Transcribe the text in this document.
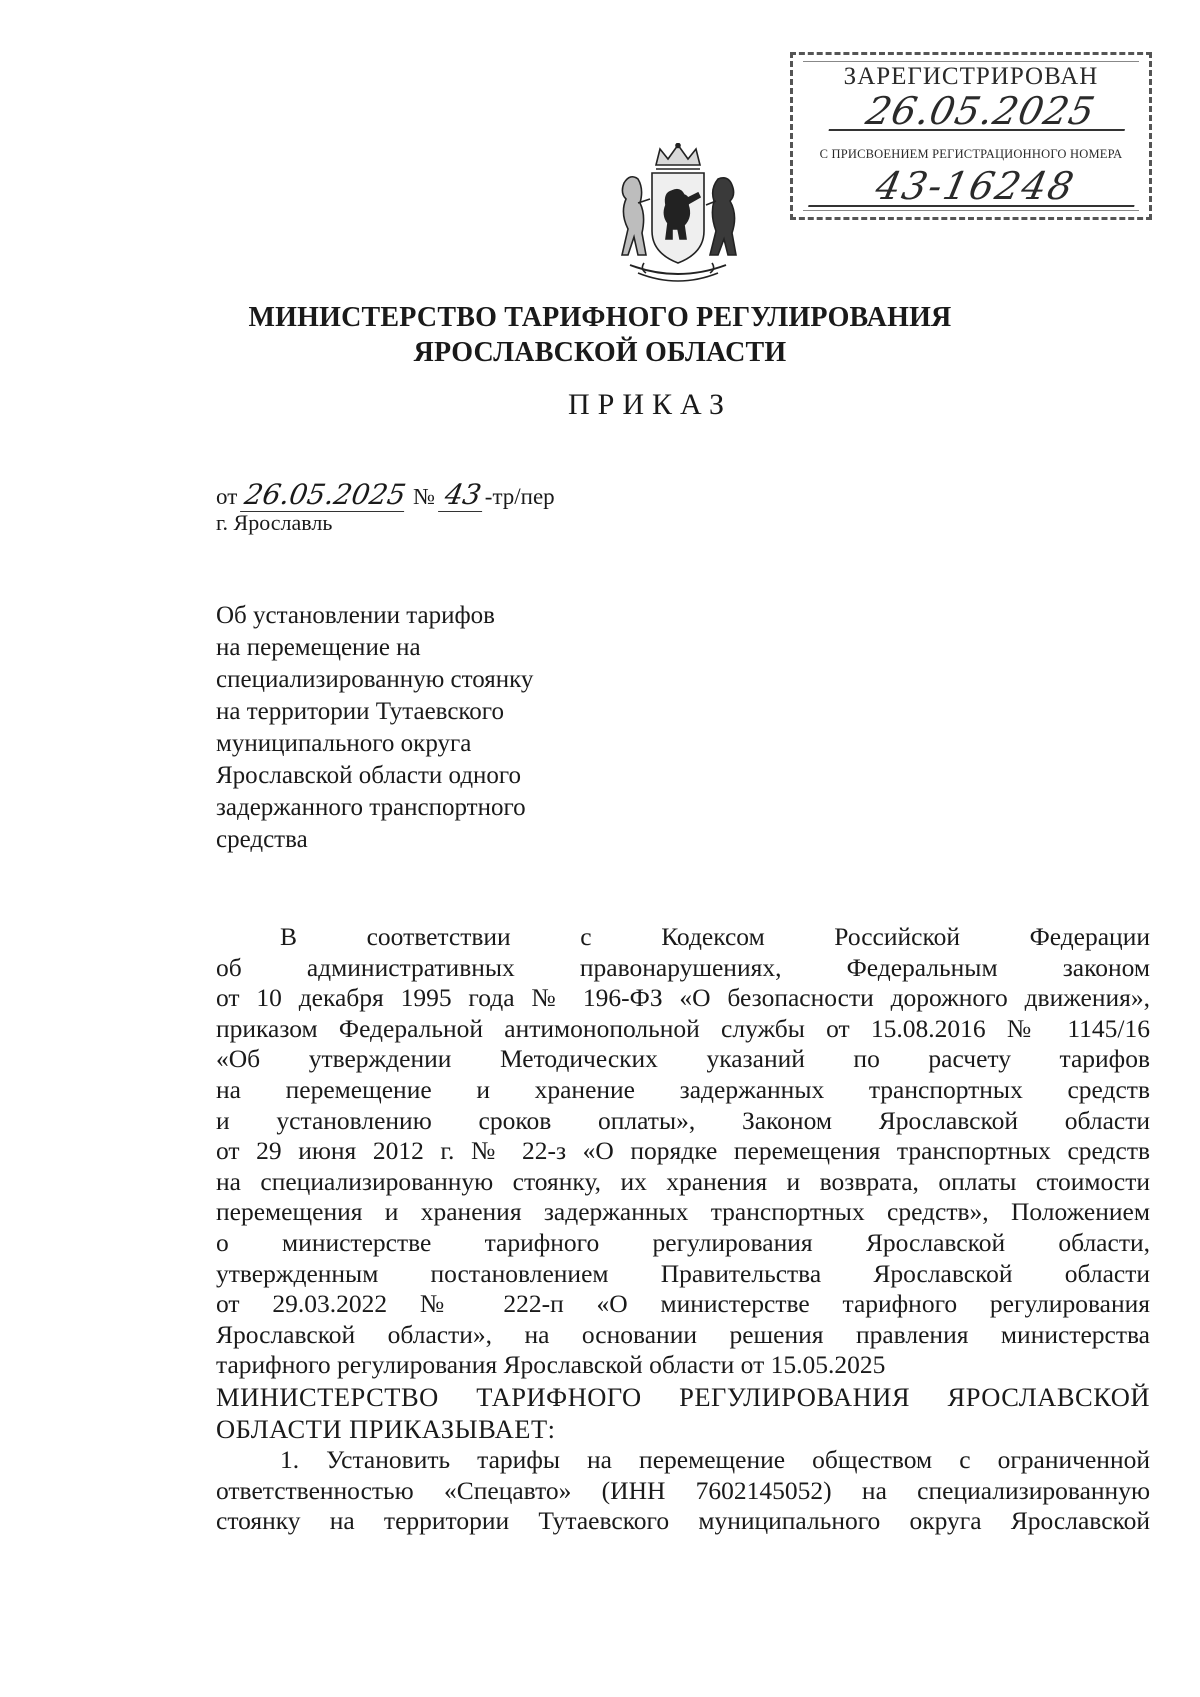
ЗАРЕГИСТРИРОВАН
26.05.2025
С ПРИСВОЕНИЕМ РЕГИСТРАЦИОННОГО НОМЕРА
43-16248
МИНИСТЕРСТВО ТАРИФНОГО РЕГУЛИРОВАНИЯ
ЯРОСЛАВСКОЙ ОБЛАСТИ
ПРИКАЗ
от 26.05.2025 № 43-тр/пер
г. Ярославль
Об установлении тарифов
на перемещение на
специализированную стоянку
на территории Тутаевского
муниципального округа
Ярославской области одного
задержанного транспортного
средства

В соответствии с Кодексом Российской Федерации

об административных правонарушениях, Федеральным законом

от 10 декабря 1995 года № 196-ФЗ «О безопасности дорожного движения»,

приказом Федеральной антимонопольной службы от 15.08.2016 № 1145/16

«Об утверждении Методических указаний по расчету тарифов

на перемещение и хранение задержанных транспортных средств

и установлению сроков оплаты», Законом Ярославской области

от 29 июня 2012 г. № 22-з «О порядке перемещения транспортных средств

на специализированную стоянку, их хранения и возврата, оплаты стоимости

перемещения и хранения задержанных транспортных средств», Положением

о министерстве тарифного регулирования Ярославской области,

утвержденным постановлением Правительства Ярославской области

от 29.03.2022 № 222-п «О министерстве тарифного регулирования

Ярославской области», на основании решения правления министерства

тарифного регулирования Ярославской области от 15.05.2025

МИНИСТЕРСТВО ТАРИФНОГО РЕГУЛИРОВАНИЯ ЯРОСЛАВСКОЙ

ОБЛАСТИ ПРИКАЗЫВАЕТ:

1. Установить тарифы на перемещение обществом с ограниченной

ответственностью «Спецавто» (ИНН 7602145052) на специализированную

стоянку на территории Тутаевского муниципального округа Ярославской
